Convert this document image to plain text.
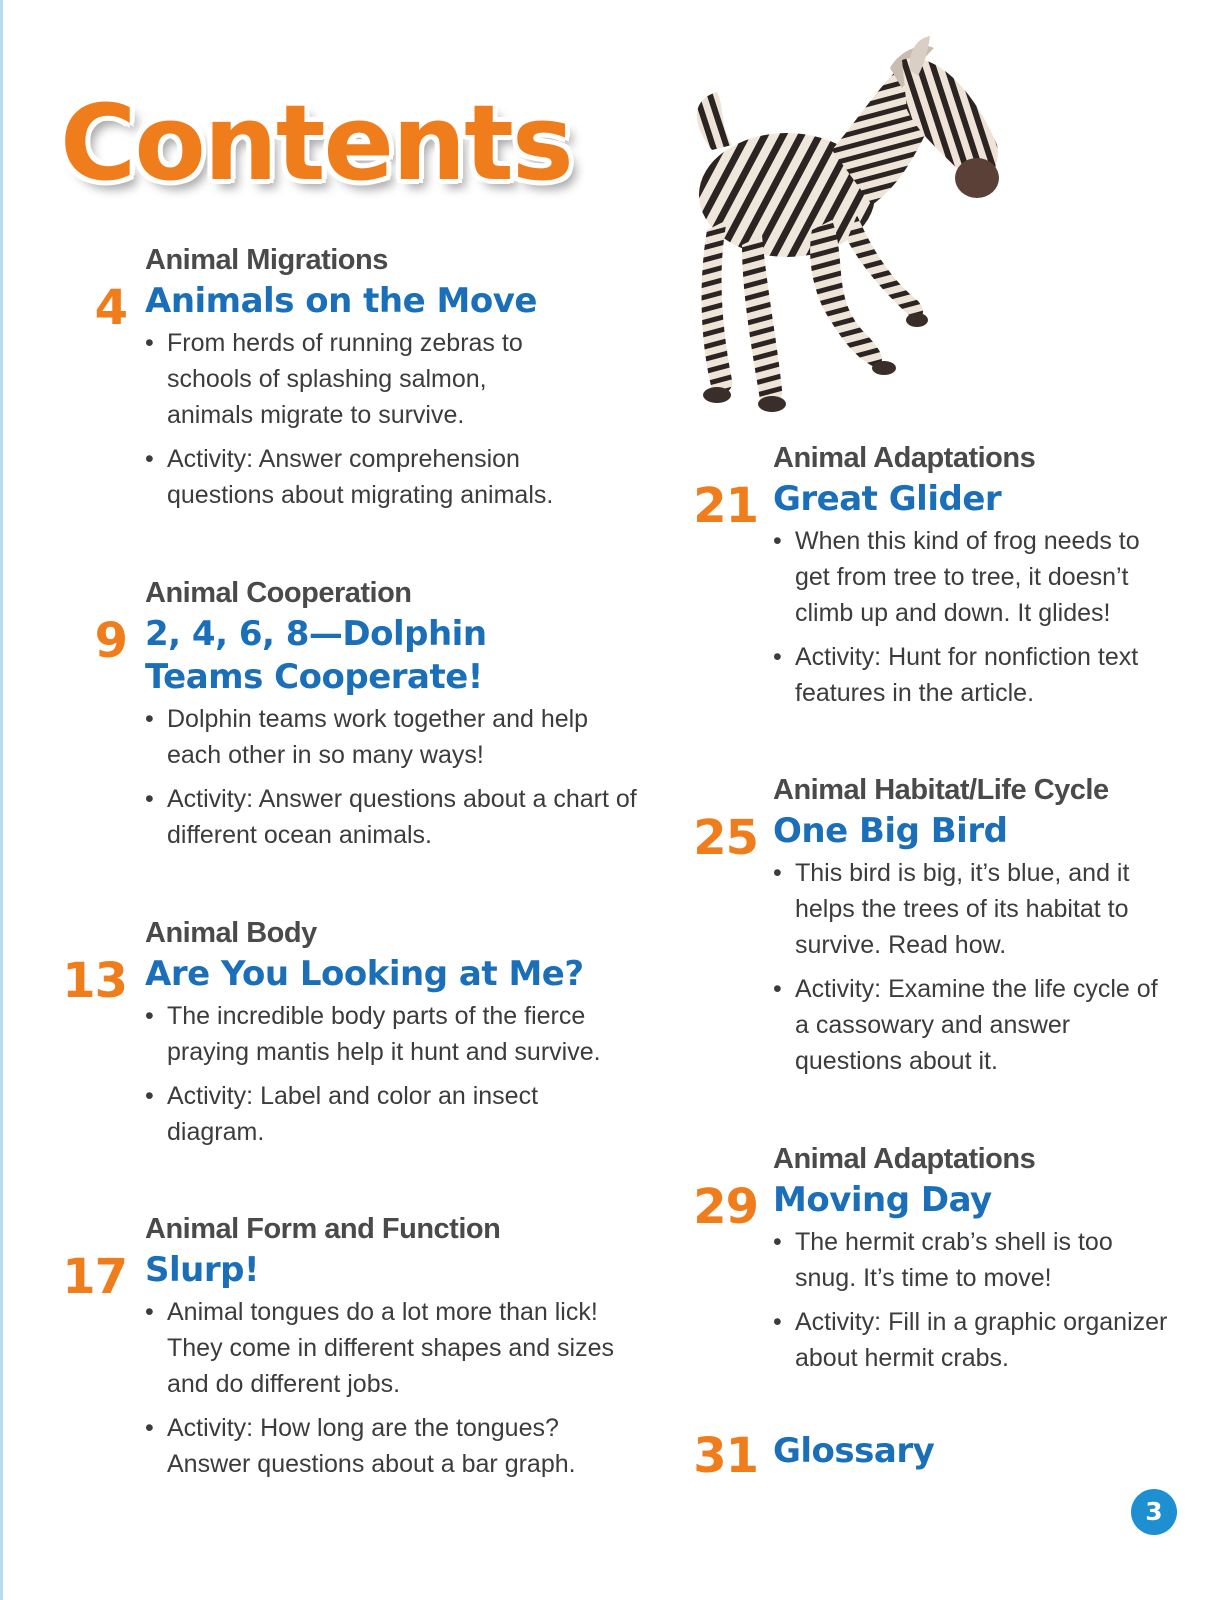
Contents
4
Animal Migrations
Animals on the Move
• From herds of running zebras to schools of splashing salmon, animals migrate to survive.
• Activity: Answer comprehension questions about migrating animals.
9
Animal Cooperation
2, 4, 6, 8—Dolphin Teams Cooperate!
• Dolphin teams work together and help each other in so many ways!
• Activity: Answer questions about a chart of different ocean animals.
13
Animal Body
Are You Looking at Me?
• The incredible body parts of the fierce praying mantis help it hunt and survive.
• Activity: Label and color an insect diagram.
17
Animal Form and Function
Slurp!
• Animal tongues do a lot more than lick! They come in different shapes and sizes and do different jobs.
• Activity: How long are the tongues? Answer questions about a bar graph.
21
Animal Adaptations
Great Glider
• When this kind of frog needs to get from tree to tree, it doesn’t climb up and down. It glides!
• Activity: Hunt for nonfiction text features in the article.
25
Animal Habitat/Life Cycle
One Big Bird
• This bird is big, it’s blue, and it helps the trees of its habitat to survive. Read how.
• Activity: Examine the life cycle of a cassowary and answer questions about it.
29
Animal Adaptations
Moving Day
• The hermit crab’s shell is too snug. It’s time to move!
• Activity: Fill in a graphic organizer about hermit crabs.
31 Glossary
3
